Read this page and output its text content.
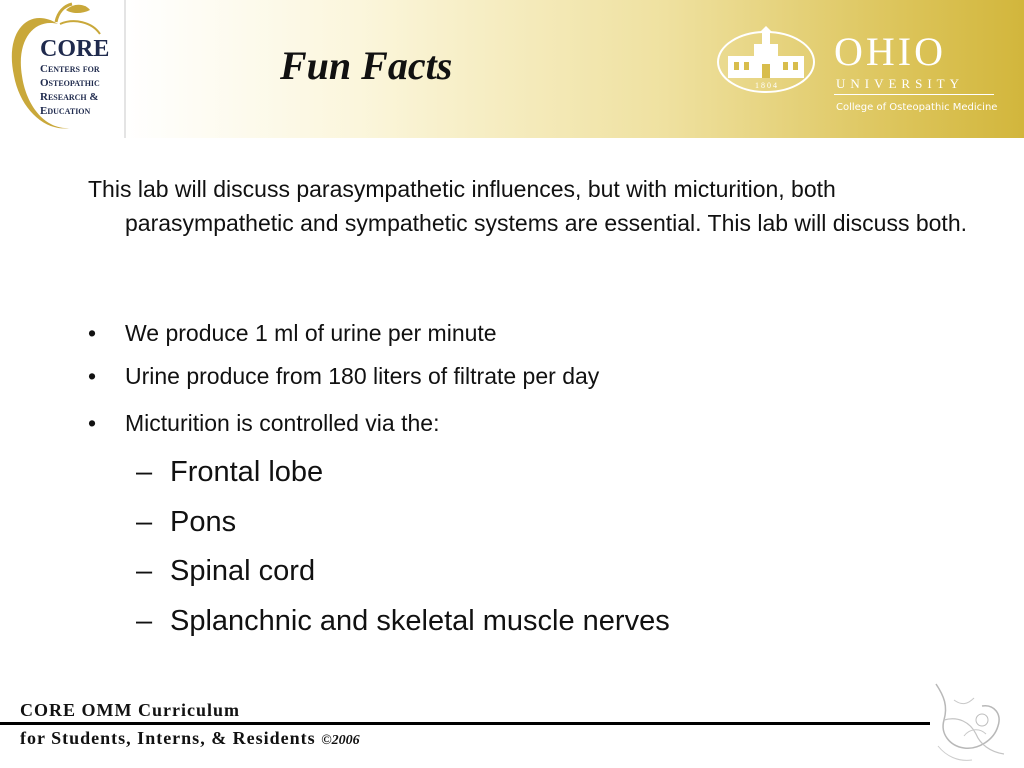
CORE
Centers for
Osteopathic
Research &
Education
Fun Facts	1 8 0 4
OHIO
UNIVERSITY
College of Osteopathic Medicine

This lab will discuss parasympathetic influences, but with micturition, both parasympathetic and sympathetic systems are essential. This lab will discuss both.

• We produce 1 ml of urine per minute
• Urine produce from 180 liters of filtrate per day
• Micturition is controlled via the:
– Frontal lobe
– Pons
– Spinal cord
– Splanchnic and skeletal muscle nerves
CORE OMM Curriculum
for Students, Interns, & Residents ©2006
